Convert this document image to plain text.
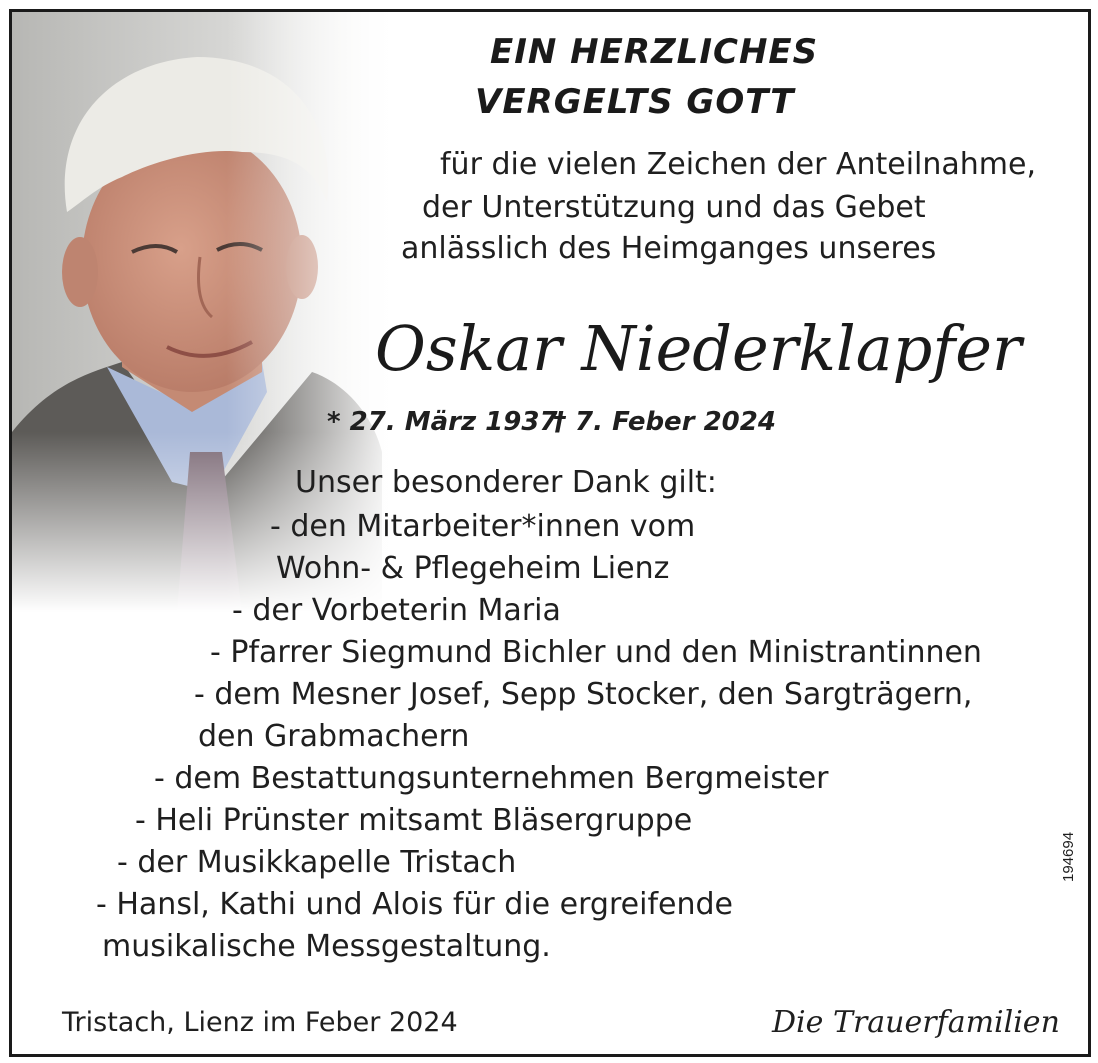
EIN HERZLICHES
VERGELTS GOTT
für die vielen Zeichen der Anteilnahme,
der Unterstützung und das Gebet
anlässlich des Heimganges unseres
Oskar Niederklapfer
* 27. März 1937
† 7. Feber 2024
Unser besonderer Dank gilt:
- den Mitarbeiter*innen vom
Wohn- & Pflegeheim Lienz
- der Vorbeterin Maria
- Pfarrer Siegmund Bichler und den Ministrantinnen
- dem Mesner Josef, Sepp Stocker, den Sargträgern,
den Grabmachern
- dem Bestattungsunternehmen Bergmeister
- Heli Prünster mitsamt Bläsergruppe
- der Musikkapelle Tristach
- Hansl, Kathi und Alois für die ergreifende
musikalische Messgestaltung.
Tristach, Lienz im Feber 2024	Die Trauerfamilien
194694
